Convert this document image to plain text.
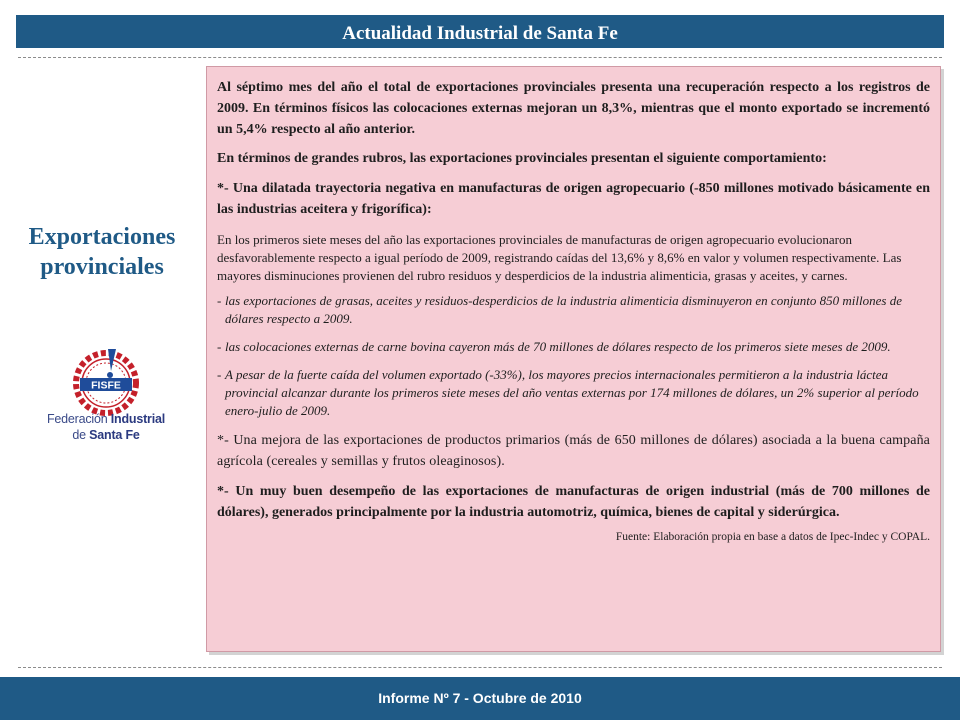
Actualidad Industrial de Santa Fe
Exportaciones
provinciales
FISFE
Federación Industrial
de Santa Fe

Al séptimo mes del año el total de exportaciones provinciales presenta una recuperación respecto a los registros de 2009. En términos físicos las colocaciones externas mejoran un 8,3%, mientras que el monto exportado se incrementó un 5,4% respecto al año anterior.

En términos de grandes rubros, las exportaciones provinciales presentan el siguiente comportamiento:

*- Una dilatada trayectoria negativa en manufacturas de origen agropecuario (-850 millones motivado básicamente en las industrias aceitera y frigorífica):

En los primeros siete meses del año las exportaciones provinciales de manufacturas de origen agropecuario evolucionaron desfavorablemente respecto a igual período de 2009, registrando caídas del 13,6% y 8,6% en valor y volumen respectivamente. Las mayores disminuciones provienen del rubro residuos y desperdicios de la industria alimenticia, grasas y aceites, y carnes.

- las exportaciones de grasas, aceites y residuos-desperdicios de la industria alimenticia disminuyeron en conjunto 850 millones de dólares respecto a 2009.
- las colocaciones externas de carne bovina cayeron más de 70 millones de dólares respecto de los primeros siete meses de 2009.
- A pesar de la fuerte caída del volumen exportado (-33%), los mayores precios internacionales permitieron a la industria láctea provincial alcanzar durante los primeros siete meses del año ventas externas por 174 millones de dólares, un 2% superior al período enero-julio de 2009.

*- Una mejora de las exportaciones de productos primarios (más de 650 millones de dólares) asociada a la buena campaña agrícola (cereales y semillas y frutos oleaginosos).

*- Un muy buen desempeño de las exportaciones de manufacturas de origen industrial (más de 700 millones de dólares), generados principalmente por la industria automotriz, química, bienes de capital y siderúrgica.

Fuente: Elaboración propia en base a datos de Ipec-Indec y COPAL.

Informe Nº 7 - Octubre de 2010
